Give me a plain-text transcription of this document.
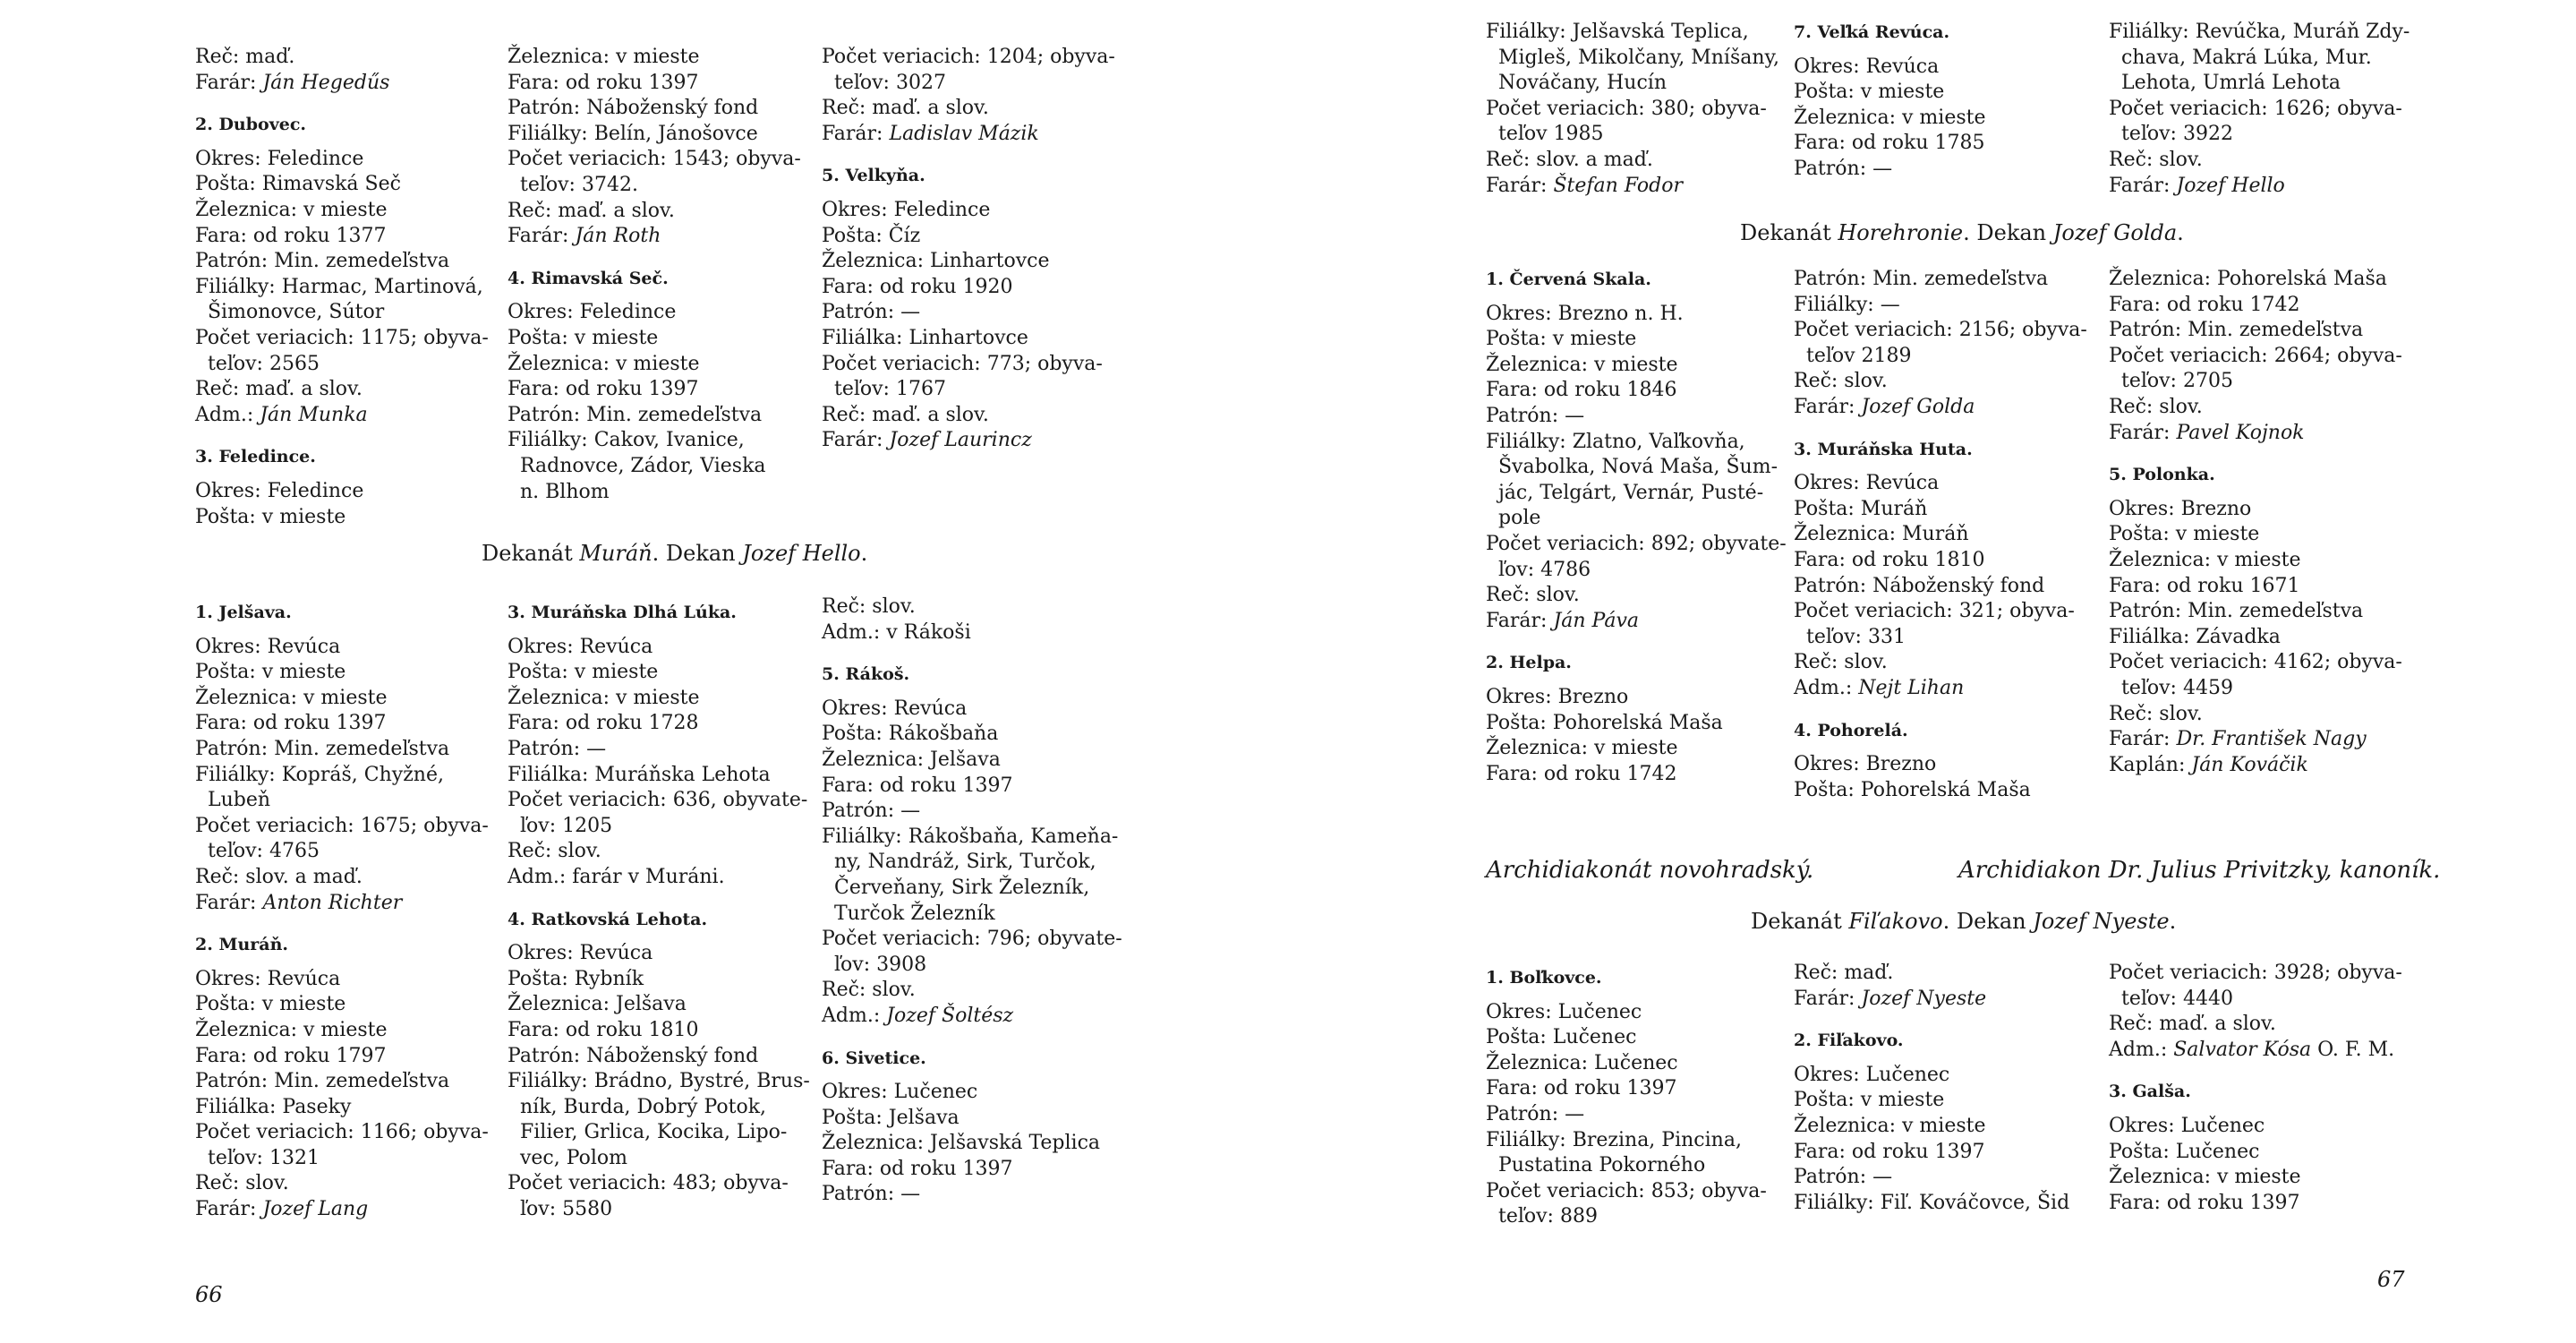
Reč: maď.

Farár: Ján Hegedűs

2. Dubovec.

Okres: Feledince

Pošta: Rimavská Seč

Železnica: v mieste

Fara: od roku 1377

Patrón: Min. zemedeľstva

Filiálky: Harmac, Martinová,

Šimonovce, Sútor

Počet veriacich: 1175; obyva-

teľov: 2565

Reč: maď. a slov.

Adm.: Ján Munka

3. Feledince.

Okres: Feledince

Pošta: v mieste

Železnica: v mieste

Fara: od roku 1397

Patrón: Náboženský fond

Filiálky: Belín, Jánošovce

Počet veriacich: 1543; obyva-

teľov: 3742.

Reč: maď. a slov.

Farár: Ján Roth

4. Rimavská Seč.

Okres: Feledince

Pošta: v mieste

Železnica: v mieste

Fara: od roku 1397

Patrón: Min. zemedeľstva

Filiálky: Cakov, Ivanice,

Radnovce, Zádor, Vieska

n. Blhom

Počet veriacich: 1204; obyva-

teľov: 3027

Reč: maď. a slov.

Farár: Ladislav Mázik

5. Velkyňa.

Okres: Feledince

Pošta: Číz

Železnica: Linhartovce

Fara: od roku 1920

Patrón: —

Filiálka: Linhartovce

Počet veriacich: 773; obyva-

teľov: 1767

Reč: maď. a slov.

Farár: Jozef Laurincz

Dekanát Muráň. Dekan Jozef Hello.

1. Jelšava.

Okres: Revúca

Pošta: v mieste

Železnica: v mieste

Fara: od roku 1397

Patrón: Min. zemedeľstva

Filiálky: Kopráš, Chyžné,

Lubeň

Počet veriacich: 1675; obyva-

teľov: 4765

Reč: slov. a maď.

Farár: Anton Richter

2. Muráň.

Okres: Revúca

Pošta: v mieste

Železnica: v mieste

Fara: od roku 1797

Patrón: Min. zemedeľstva

Filiálka: Paseky

Počet veriacich: 1166; obyva-

teľov: 1321

Reč: slov.

Farár: Jozef Lang

3. Muráňska Dlhá Lúka.

Okres: Revúca

Pošta: v mieste

Železnica: v mieste

Fara: od roku 1728

Patrón: —

Filiálka: Muráňska Lehota

Počet veriacich: 636, obyvate-

ľov: 1205

Reč: slov.

Adm.: farár v Muráni.

4. Ratkovská Lehota.

Okres: Revúca

Pošta: Rybník

Železnica: Jelšava

Fara: od roku 1810

Patrón: Náboženský fond

Filiálky: Brádno, Bystré, Brus-

ník, Burda, Dobrý Potok,

Filier, Grlica, Kocika, Lipo-

vec, Polom

Počet veriacich: 483; obyva-

ľov: 5580

Reč: slov.

Adm.: v Rákoši

5. Rákoš.

Okres: Revúca

Pošta: Rákošbaňa

Železnica: Jelšava

Fara: od roku 1397

Patrón: —

Filiálky: Rákošbaňa, Kameňa-

ny, Nandráž, Sirk, Turčok,

Červeňany, Sirk Železník,

Turčok Železník

Počet veriacich: 796; obyvate-

ľov: 3908

Reč: slov.

Adm.: Jozef Šoltész

6. Sivetice.

Okres: Lučenec

Pošta: Jelšava

Železnica: Jelšavská Teplica

Fara: od roku 1397

Patrón: —

66

Filiálky: Jelšavská Teplica,

Miglеš, Mikolčany, Mníšany,

Nováčany, Hucín

Počet veriacich: 380; obyva-

teľov 1985

Reč: slov. a maď.

Farár: Štefan Fodor

7. Veľká Revúca.

Okres: Revúca

Pošta: v mieste

Železnica: v mieste

Fara: od roku 1785

Patrón: —

Filiálky: Revúčka, Muráň Zdy-

chava, Makrá Lúka, Mur.

Lehota, Umrlá Lehota

Počet veriacich: 1626; obyva-

teľov: 3922

Reč: slov.

Farár: Jozef Hello

Dekanát Horehronie. Dekan Jozef Golda.

1. Červená Skala.

Okres: Brezno n. H.

Pošta: v mieste

Železnica: v mieste

Fara: od roku 1846

Patrón: —

Filiálky: Zlatno, Vaľkovňa,

Švabolka, Nová Maša, Šum-

jác, Telgárt, Vernár, Pusté-

pole

Počet veriacich: 892; obyvate-

ľov: 4786

Reč: slov.

Farár: Ján Páva

2. Helpa.

Okres: Brezno

Pošta: Pohorelská Maša

Železnica: v mieste

Fara: od roku 1742

Patrón: Min. zemedeľstva

Filiálky: —

Počet veriacich: 2156; obyva-

teľov 2189

Reč: slov.

Farár: Jozef Golda

3. Muráňska Huta.

Okres: Revúca

Pošta: Muráň

Železnica: Muráň

Fara: od roku 1810

Patrón: Náboženský fond

Počet veriacich: 321; obyva-

teľov: 331

Reč: slov.

Adm.: Nejt Lihan

4. Pohorelá.

Okres: Brezno

Pošta: Pohorelská Maša

Železnica: Pohorelská Maša

Fara: od roku 1742

Patrón: Min. zemedeľstva

Počet veriacich: 2664; obyva-

teľov: 2705

Reč: slov.

Farár: Pavel Kojnok

5. Polonka.

Okres: Brezno

Pošta: v mieste

Železnica: v mieste

Fara: od roku 1671

Patrón: Min. zemedeľstva

Filiálka: Závadka

Počet veriacich: 4162; obyva-

teľov: 4459

Reč: slov.

Farár: Dr. František Nagy

Kaplán: Ján Kováčik

Archidiakonát novohradský.	Archidiakon Dr. Julius Privitzky, kanoník.
Dekanát Fiľakovo. Dekan Jozef Nyeste.

1. Boľkovce.

Okres: Lučenec

Pošta: Lučenec

Železnica: Lučenec

Fara: od roku 1397

Patrón: —

Filiálky: Brezina, Pincina,

Pustatina Pokorného

Počet veriacich: 853; obyva-

teľov: 889

Reč: maď.

Farár: Jozef Nyeste

2. Fiľakovo.

Okres: Lučenec

Pošta: v mieste

Železnica: v mieste

Fara: od roku 1397

Patrón: —

Filiálky: Fiľ. Kováčovce, Šid

Počet veriacich: 3928; obyva-

teľov: 4440

Reč: maď. a slov.

Adm.: Salvator Kósa O. F. M.

3. Galša.

Okres: Lučenec

Pošta: Lučenec

Železnica: v mieste

Fara: od roku 1397

67
